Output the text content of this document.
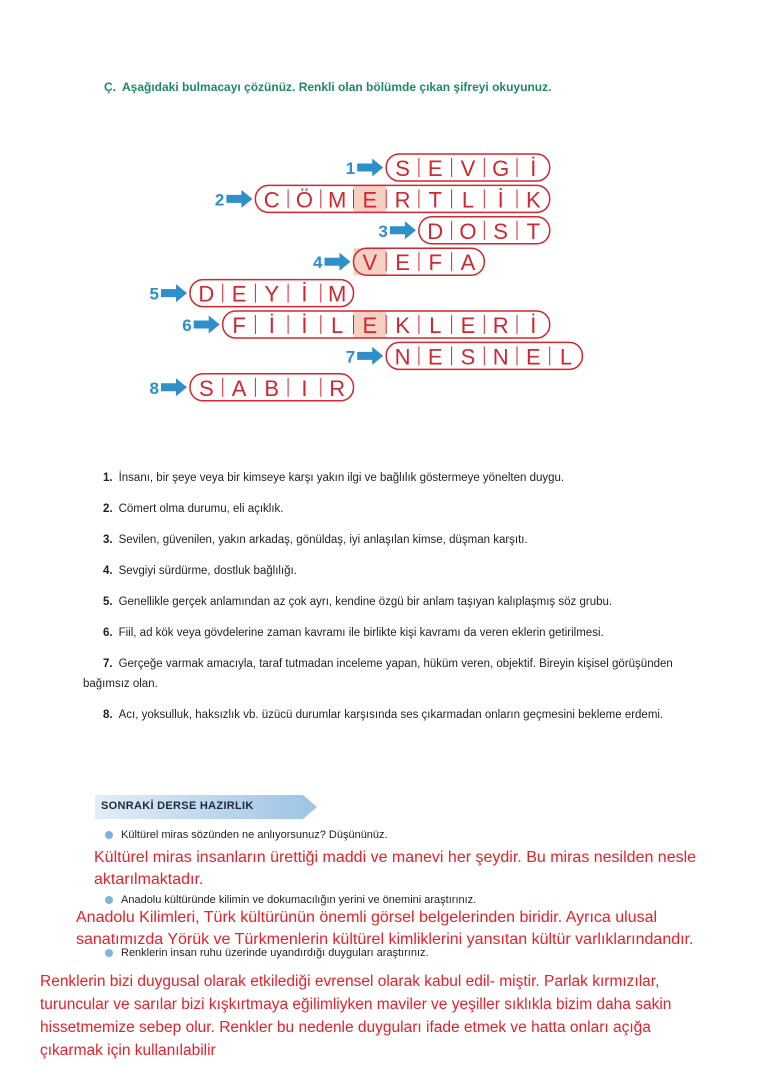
Ç. Aşağıdaki bulmacayı çözünüz. Renkli olan bölümde çıkan şifreyi okuyunuz.
S E V G İ
1
C Ö M E R T L İ K
2
D O S T
3
V E F A
4
D E Y İ M
5
F İ İ L E K L E R İ
6
N E S N E L
7
S A B I R
8

1. İnsanı, bir şeye veya bir kimseye karşı yakın ilgi ve bağlılık göstermeye yönelten duygu.

2. Cömert olma durumu, eli açıklık.

3. Sevilen, güvenilen, yakın arkadaş, gönüldaş, iyi anlaşılan kimse, düşman karşıtı.

4. Sevgiyi sürdürme, dostluk bağlılığı.

5. Genellikle gerçek anlamından az çok ayrı, kendine özgü bir anlam taşıyan kalıplaşmış söz grubu.

6. Fiil, ad kök veya gövdelerine zaman kavramı ile birlikte kişi kavramı da veren eklerin getirilmesi.

7. Gerçeğe varmak amacıyla, taraf tutmadan inceleme yapan, hüküm veren, objektif. Bireyin kişisel görüşünden bağımsız olan.

8. Acı, yoksulluk, haksızlık vb. üzücü durumlar karşısında ses çıkarmadan onların geçmesini bekleme erdemi.

SONRAKİ DERSE HAZIRLIK
Kültürel miras sözünden ne anlıyorsunuz? Düşününüz.
Kültürel miras insanların ürettiği maddi ve manevi her şeydir. Bu miras nesilden nesle
aktarılmaktadır.
Anadolu kültüründe kilimin ve dokumacılığın yerini ve önemini araştırınız.
Anadolu Kilimleri, Türk kültürünün önemli görsel belgelerinden biridir. Ayrıca ulusal
sanatımızda Yörük ve Türkmenlerin kültürel kimliklerini yansıtan kültür varlıklarındandır.
Renklerin insan ruhu üzerinde uyandırdığı duyguları araştırınız.
Renklerin bizi duygusal olarak etkilediği evrensel olarak kabul edil- miştir. Parlak kırmızılar,
turuncular ve sarılar bizi kışkırtmaya eğilimliyken maviler ve yeşiller sıklıkla bizim daha sakin
hissetmemize sebep olur. Renkler bu nedenle duyguları ifade etmek ve hatta onları açığa
çıkarmak için kullanılabilir
